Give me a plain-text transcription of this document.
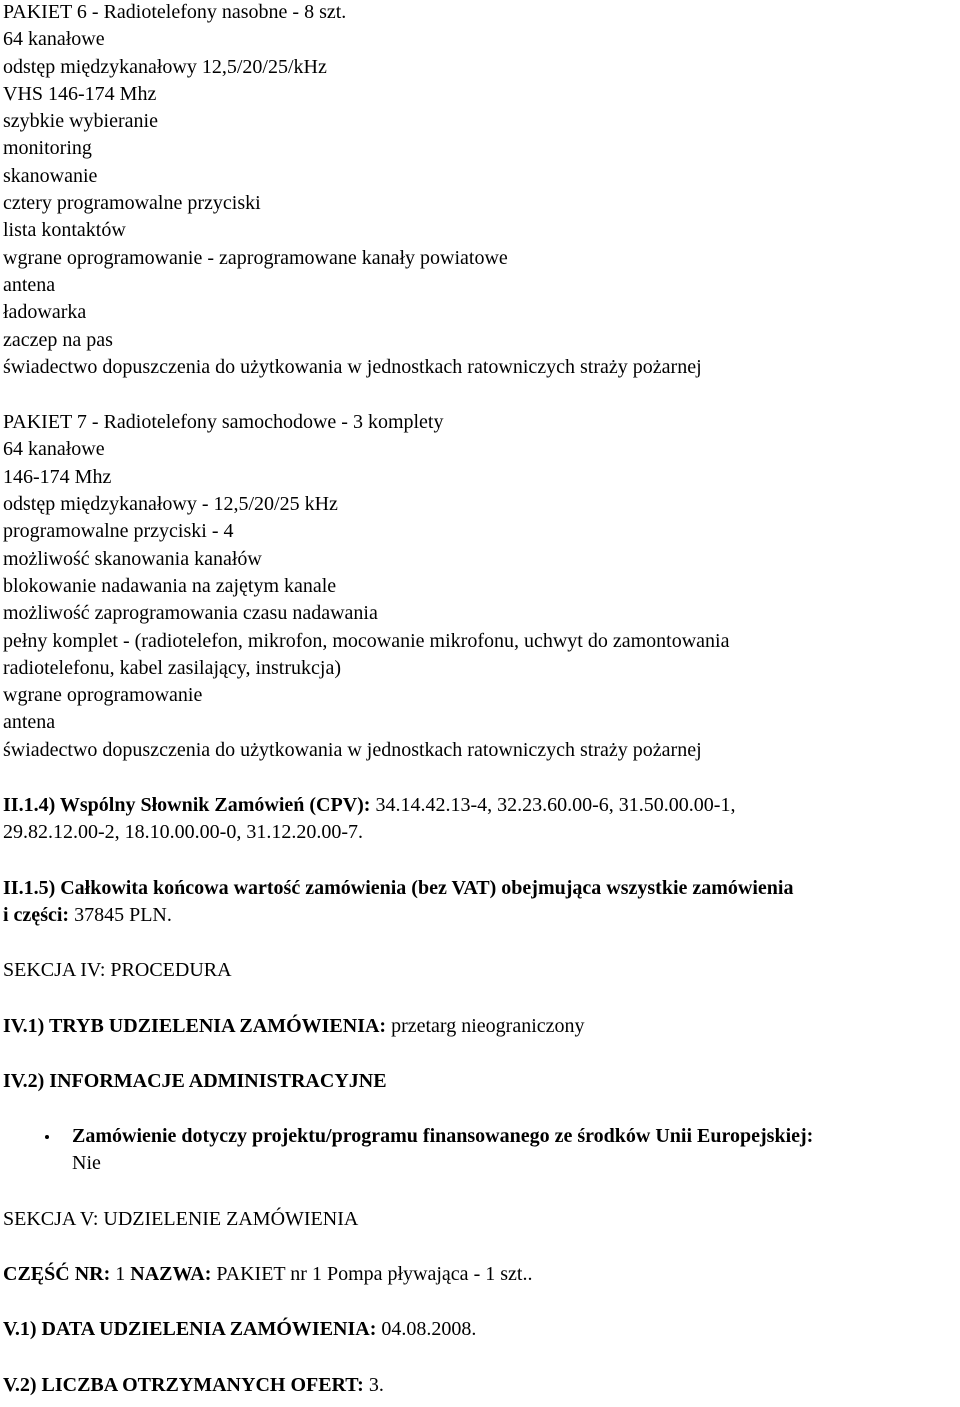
PAKIET 6 - Radiotelefony nasobne - 8 szt.
64 kanałowe
odstęp międzykanałowy 12,5/20/25/kHz
VHS 146-174 Mhz
szybkie wybieranie
monitoring
skanowanie
cztery programowalne przyciski
lista kontaktów
wgrane oprogramowanie - zaprogramowane kanały powiatowe
antena
ładowarka
zaczep na pas
świadectwo dopuszczenia do użytkowania w jednostkach ratowniczych straży pożarnej
PAKIET 7 - Radiotelefony samochodowe - 3 komplety
64 kanałowe
146-174 Mhz
odstęp międzykanałowy - 12,5/20/25 kHz
programowalne przyciski - 4
możliwość skanowania kanałów
blokowanie nadawania na zajętym kanale
możliwość zaprogramowania czasu nadawania
pełny komplet - (radiotelefon, mikrofon, mocowanie mikrofonu, uchwyt do zamontowania
radiotelefonu, kabel zasilający, instrukcja)
wgrane oprogramowanie
antena
świadectwo dopuszczenia do użytkowania w jednostkach ratowniczych straży pożarnej
II.1.4) Wspólny Słownik Zamówień (CPV): 34.14.42.13-4, 32.23.60.00-6, 31.50.00.00-1,
29.82.12.00-2, 18.10.00.00-0, 31.12.20.00-7.
II.1.5) Całkowita końcowa wartość zamówienia (bez VAT) obejmująca wszystkie zamówienia
i części: 37845 PLN.
SEKCJA IV: PROCEDURA
IV.1) TRYB UDZIELENIA ZAMÓWIENIA: przetarg nieograniczony
IV.2) INFORMACJE ADMINISTRACYJNE
Zamówienie dotyczy projektu/programu finansowanego ze środków Unii Europejskiej:
Nie
SEKCJA V: UDZIELENIE ZAMÓWIENIA
CZĘŚĆ NR: 1 NAZWA: PAKIET nr 1 Pompa pływająca - 1 szt..
V.1) DATA UDZIELENIA ZAMÓWIENIA: 04.08.2008.
V.2) LICZBA OTRZYMANYCH OFERT: 3.
